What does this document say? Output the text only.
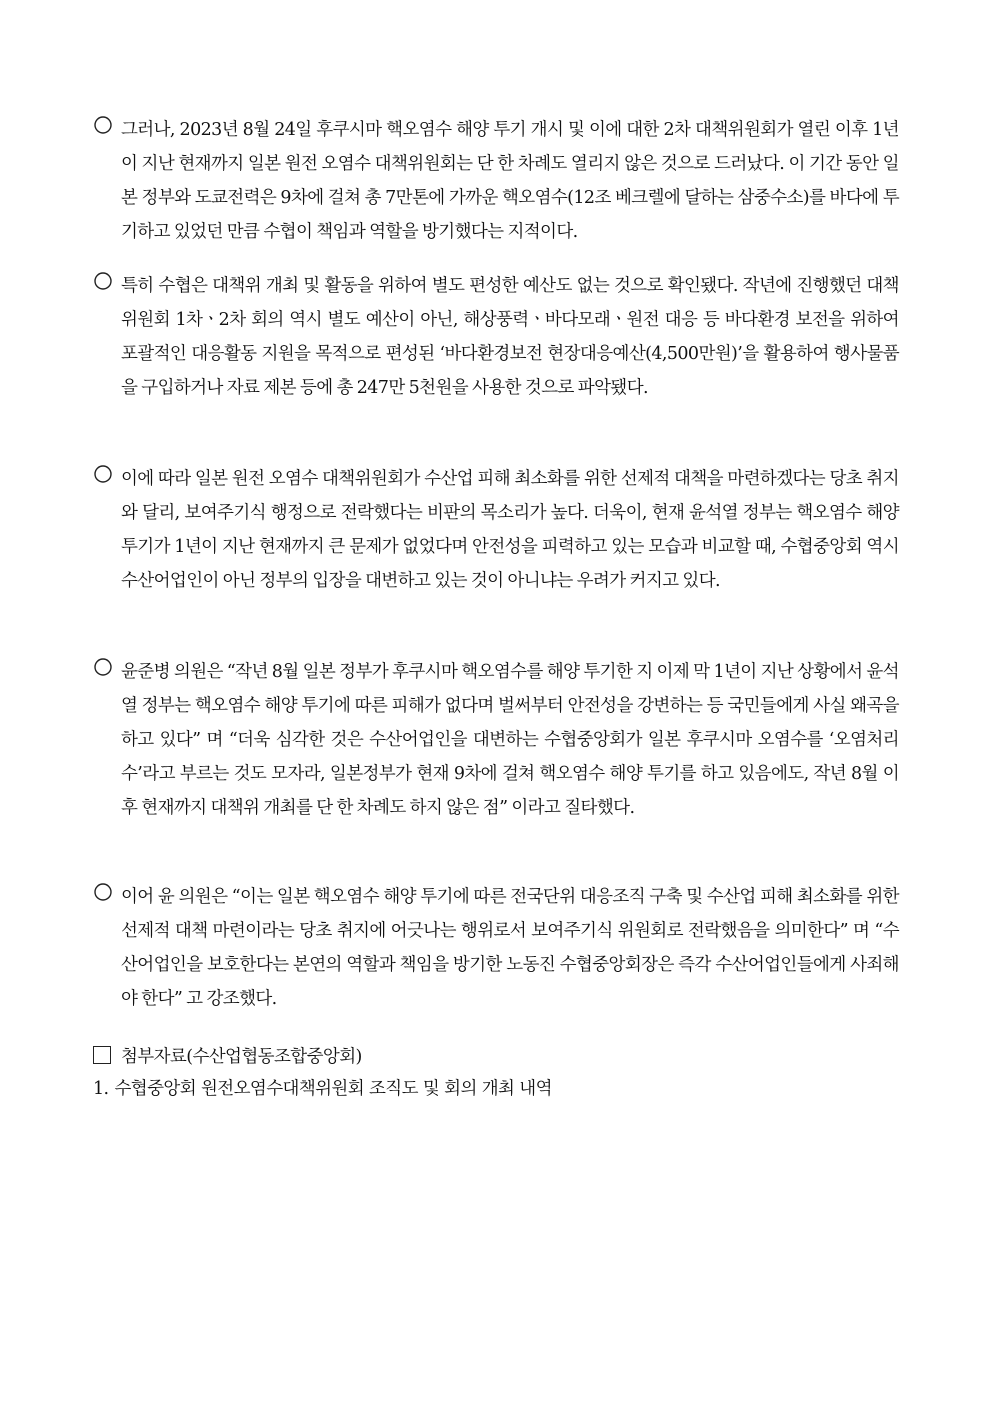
그러나, 2023년 8월 24일 후쿠시마 핵오염수 해양 투기 개시 및 이에 대한 2차 대책위원회가 열린 이후 1년이 지난 현재까지 일본 원전 오염수 대책위원회는 단 한 차례도 열리지 않은 것으로 드러났다. 이 기간 동안 일본 정부와 도쿄전력은 9차에 걸쳐 총 7만톤에 가까운 핵오염수(12조 베크렐에 달하는 삼중수소)를 바다에 투기하고 있었던 만큼 수협이 책임과 역할을 방기했다는 지적이다.
특히 수협은 대책위 개최 및 활동을 위하여 별도 편성한 예산도 없는 것으로 확인됐다. 작년에 진행했던 대책위원회 1차ㆍ2차 회의 역시 별도 예산이 아닌, 해상풍력ㆍ바다모래ㆍ원전 대응 등 바다환경 보전을 위하여 포괄적인 대응활동 지원을 목적으로 편성된 ‘바다환경보전 현장대응예산(4,500만원)’을 활용하여 행사물품을 구입하거나 자료 제본 등에 총 247만 5천원을 사용한 것으로 파악됐다.
이에 따라 일본 원전 오염수 대책위원회가 수산업 피해 최소화를 위한 선제적 대책을 마련하겠다는 당초 취지와 달리, 보여주기식 행정으로 전락했다는 비판의 목소리가 높다. 더욱이, 현재 윤석열 정부는 핵오염수 해양 투기가 1년이 지난 현재까지 큰 문제가 없었다며 안전성을 피력하고 있는 모습과 비교할 때, 수협중앙회 역시 수산어업인이 아닌 정부의 입장을 대변하고 있는 것이 아니냐는 우려가 커지고 있다.
윤준병 의원은 “작년 8월 일본 정부가 후쿠시마 핵오염수를 해양 투기한 지 이제 막 1년이 지난 상황에서 윤석열 정부는 핵오염수 해양 투기에 따른 피해가 없다며 벌써부터 안전성을 강변하는 등 국민들에게 사실 왜곡을 하고 있다” 며 “더욱 심각한 것은 수산어업인을 대변하는 수협중앙회가 일본 후쿠시마 오염수를 ‘오염처리수’라고 부르는 것도 모자라, 일본정부가 현재 9차에 걸쳐 핵오염수 해양 투기를 하고 있음에도, 작년 8월 이후 현재까지 대책위 개최를 단 한 차례도 하지 않은 점” 이라고 질타했다.
이어 윤 의원은 “이는 일본 핵오염수 해양 투기에 따른 전국단위 대응조직 구축 및 수산업 피해 최소화를 위한 선제적 대책 마련이라는 당초 취지에 어긋나는 행위로서 보여주기식 위원회로 전락했음을 의미한다” 며 “수산어업인을 보호한다는 본연의 역할과 책임을 방기한 노동진 수협중앙회장은 즉각 수산어업인들에게 사죄해야 한다” 고 강조했다.
첨부자료(수산업협동조합중앙회)
1. 수협중앙회 원전오염수대책위원회 조직도 및 회의 개최 내역
